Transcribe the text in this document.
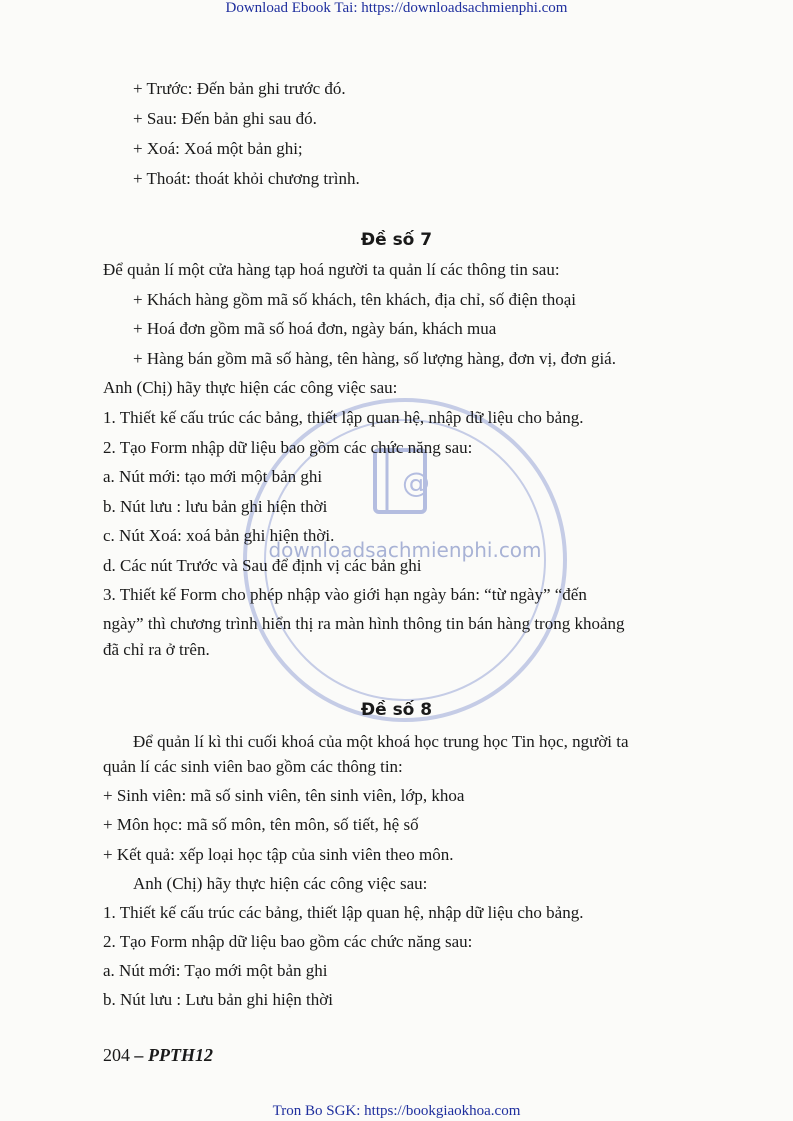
Download Ebook Tai: https://downloadsachmienphi.com
@
downloadsachmienphi.com
+ Trước: Đến bản ghi trước đó.
+ Sau: Đến bản ghi sau đó.
+ Xoá: Xoá một bản ghi;
+ Thoát: thoát khỏi chương trình.
Đề số 7
Để quản lí một cửa hàng tạp hoá người ta quản lí các thông tin sau:
+ Khách hàng gồm mã số khách, tên khách, địa chỉ, số điện thoại
+ Hoá đơn gồm mã số hoá đơn, ngày bán, khách mua
+ Hàng bán gồm mã số hàng, tên hàng, số lượng hàng, đơn vị, đơn giá.
Anh (Chị) hãy thực hiện các công việc sau:
1. Thiết kế cấu trúc các bảng, thiết lập quan hệ, nhập dữ liệu cho bảng.
2. Tạo Form nhập dữ liệu bao gồm các chức năng sau:
a. Nút mới: tạo mới một bản ghi
b. Nút lưu : lưu bản ghi hiện thời
c. Nút Xoá: xoá bản ghi hiện thời.
d. Các nút Trước và Sau để định vị các bản ghi
3. Thiết kế Form cho phép nhập vào giới hạn ngày bán: “từ ngày” “đến
ngày” thì chương trình hiển thị ra màn hình thông tin bán hàng trong khoảng
đã chỉ ra ở trên.
Đề số 8
Để quản lí kì thi cuối khoá của một khoá học trung học Tin học, người ta
quản lí các sinh viên bao gồm các thông tin:
+ Sinh viên: mã số sinh viên, tên sinh viên, lớp, khoa
+ Môn học: mã số môn, tên môn, số tiết, hệ số
+ Kết quả: xếp loại học tập của sinh viên theo môn.
Anh (Chị) hãy thực hiện các công việc sau:
1. Thiết kế cấu trúc các bảng, thiết lập quan hệ, nhập dữ liệu cho bảng.
2. Tạo Form nhập dữ liệu bao gồm các chức năng sau:
a. Nút mới: Tạo mới một bản ghi
b. Nút lưu : Lưu bản ghi hiện thời
204 – PPTH12
Tron Bo SGK: https://bookgiaokhoa.com
